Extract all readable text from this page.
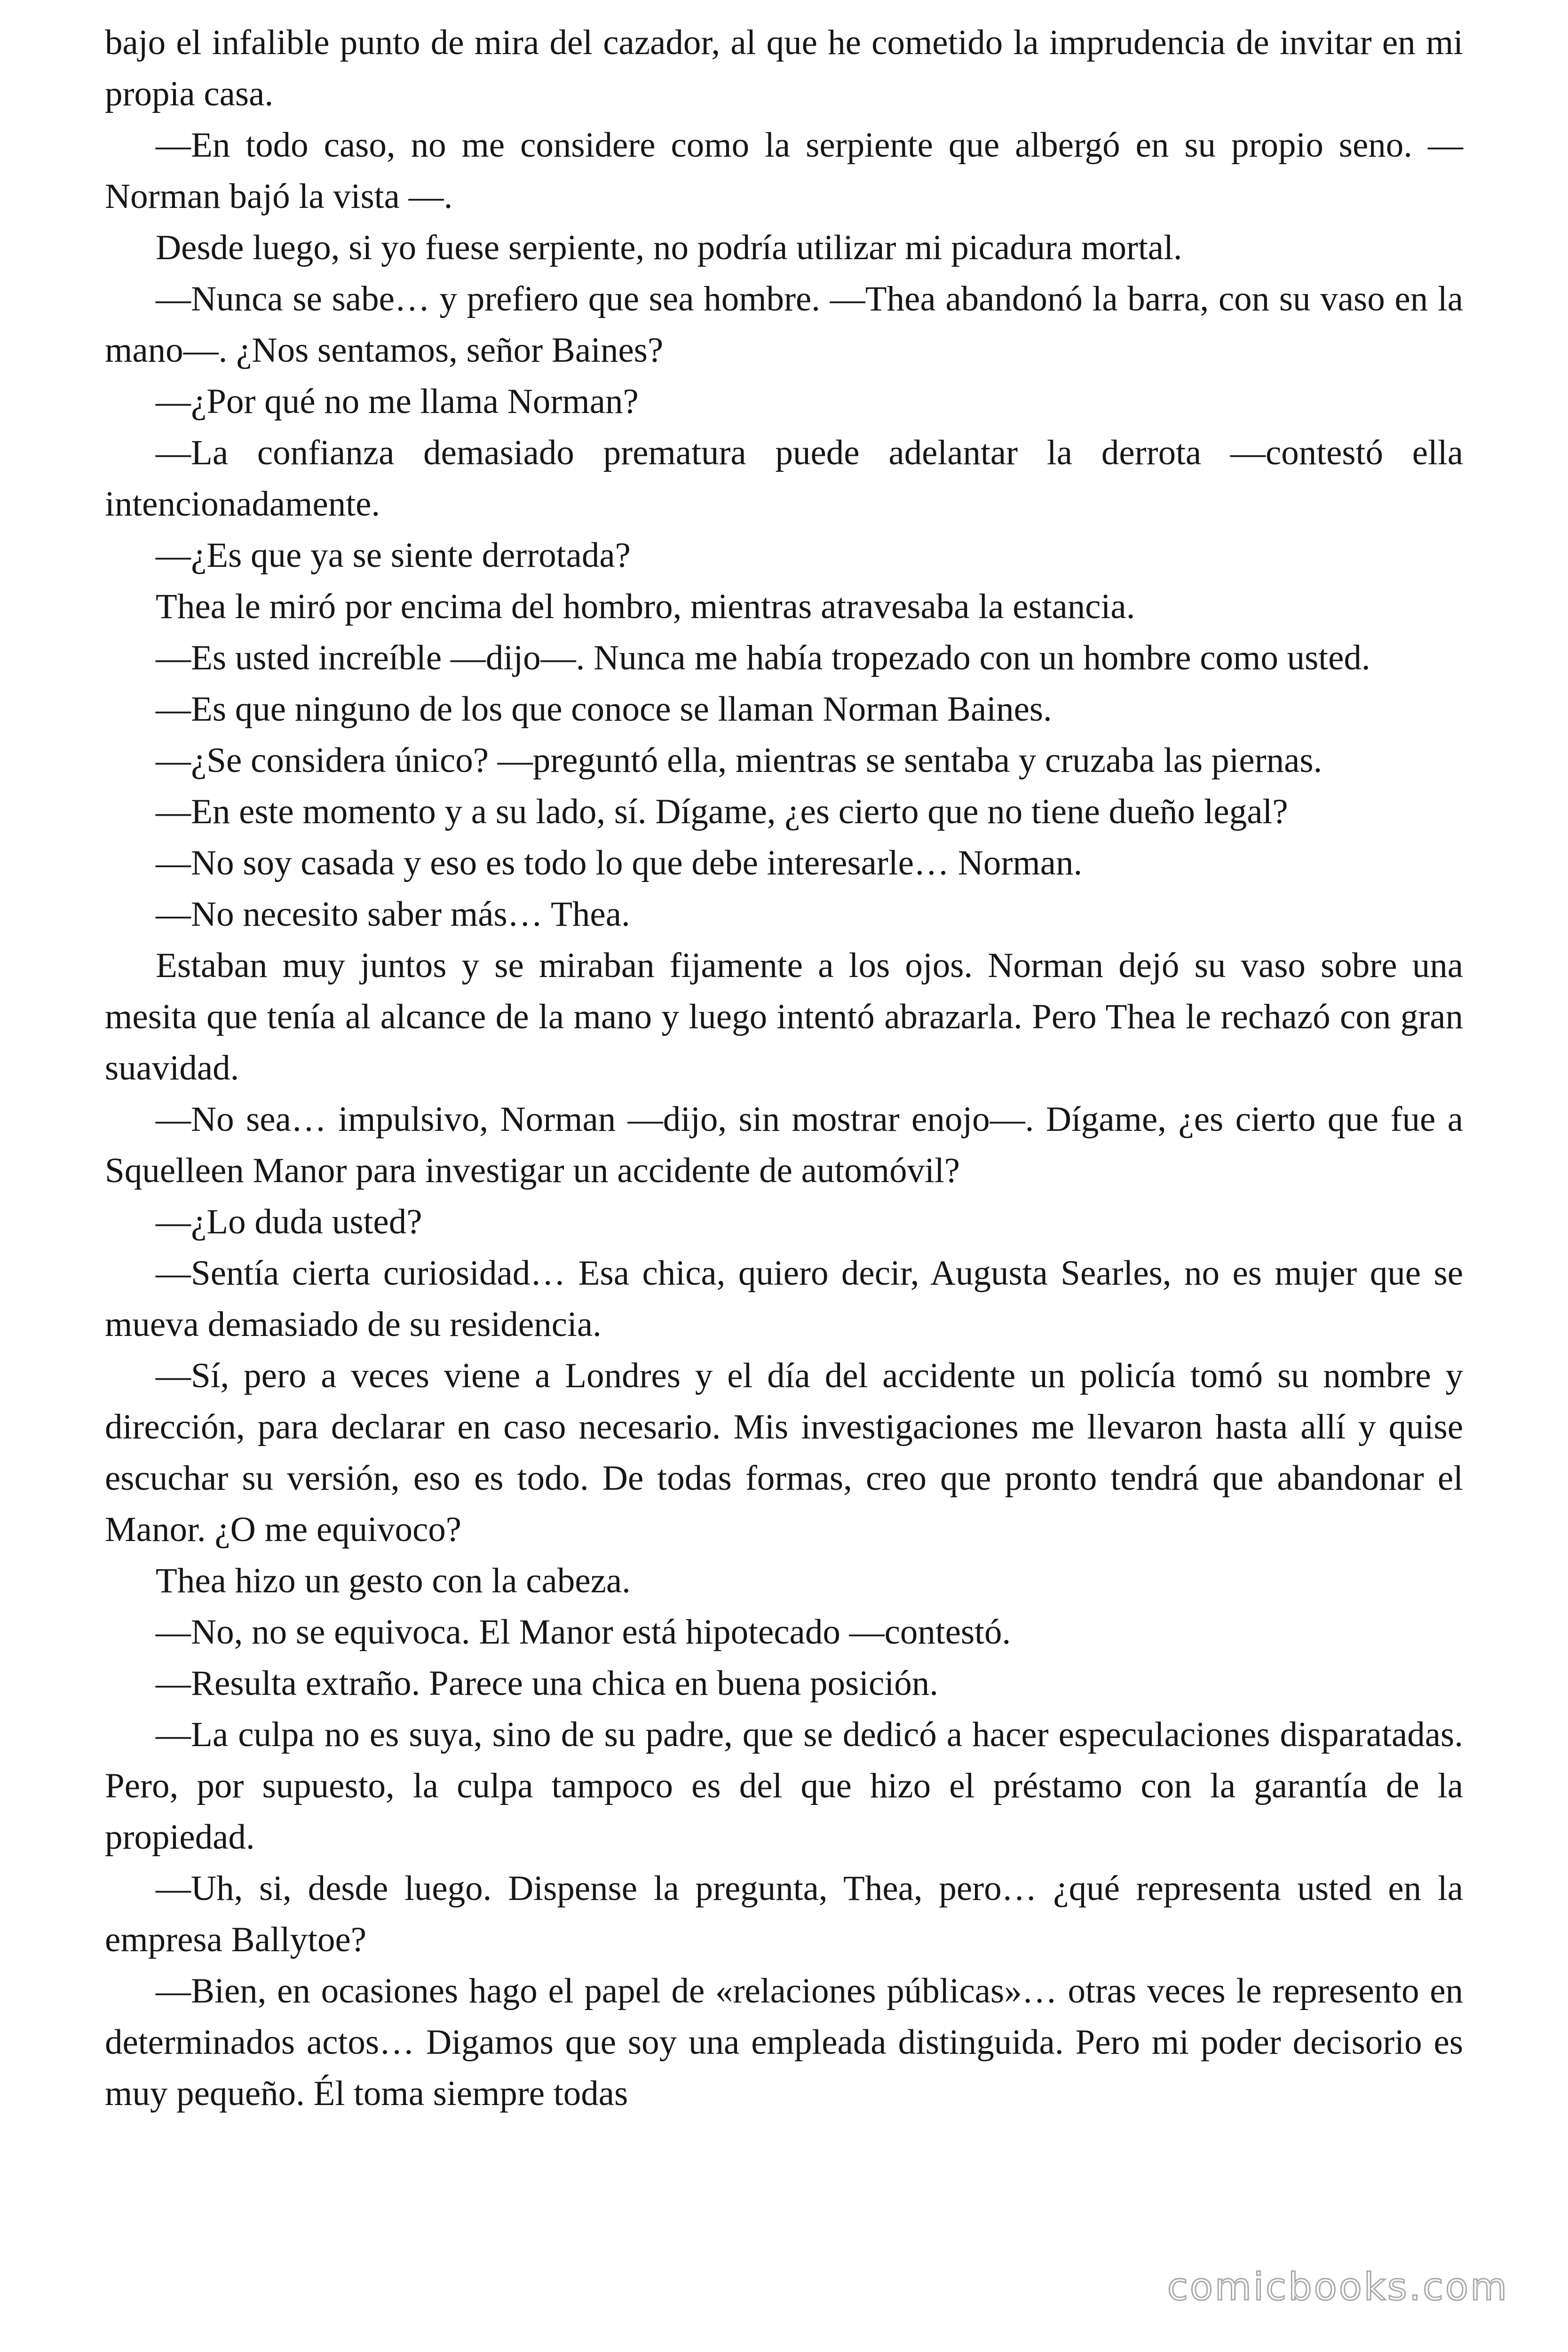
bajo el infalible punto de mira del cazador, al que he cometido la imprudencia de invitar en mi propia casa.

—En todo caso, no me considere como la serpiente que albergó en su propio seno. —Norman bajó la vista —.

Desde luego, si yo fuese serpiente, no podría utilizar mi picadura mortal.

—Nunca se sabe… y prefiero que sea hombre. —Thea abandonó la barra, con su vaso en la mano—. ¿Nos sentamos, señor Baines?

—¿Por qué no me llama Norman?

—La confianza demasiado prematura puede adelantar la derrota —contestó ella intencionadamente.

—¿Es que ya se siente derrotada?

Thea le miró por encima del hombro, mientras atravesaba la estancia.

—Es usted increíble —dijo—. Nunca me había tropezado con un hombre como usted.

—Es que ninguno de los que conoce se llaman Norman Baines.

—¿Se considera único? —preguntó ella, mientras se sentaba y cruzaba las piernas.

—En este momento y a su lado, sí. Dígame, ¿es cierto que no tiene dueño legal?

—No soy casada y eso es todo lo que debe interesarle… Norman.

—No necesito saber más… Thea.

Estaban muy juntos y se miraban fijamente a los ojos. Norman dejó su vaso sobre una mesita que tenía al alcance de la mano y luego intentó abrazarla. Pero Thea le rechazó con gran suavidad.

—No sea… impulsivo, Norman —dijo, sin mostrar enojo—. Dígame, ¿es cierto que fue a Squelleen Manor para investigar un accidente de automóvil?

—¿Lo duda usted?

—Sentía cierta curiosidad… Esa chica, quiero decir, Augusta Searles, no es mujer que se mueva demasiado de su residencia.

—Sí, pero a veces viene a Londres y el día del accidente un policía tomó su nombre y dirección, para declarar en caso necesario. Mis investigaciones me llevaron hasta allí y quise escuchar su versión, eso es todo. De todas formas, creo que pronto tendrá que abandonar el Manor. ¿O me equivoco?

Thea hizo un gesto con la cabeza.

—No, no se equivoca. El Manor está hipotecado —contestó.

—Resulta extraño. Parece una chica en buena posición.

—La culpa no es suya, sino de su padre, que se dedicó a hacer especulaciones disparatadas. Pero, por supuesto, la culpa tampoco es del que hizo el préstamo con la garantía de la propiedad.

—Uh, si, desde luego. Dispense la pregunta, Thea, pero… ¿qué representa usted en la empresa Ballytoe?

—Bien, en ocasiones hago el papel de «relaciones públicas»… otras veces le represento en determinados actos… Digamos que soy una empleada distinguida. Pero mi poder decisorio es muy pequeño. Él toma siempre todas

comicbooks.com
